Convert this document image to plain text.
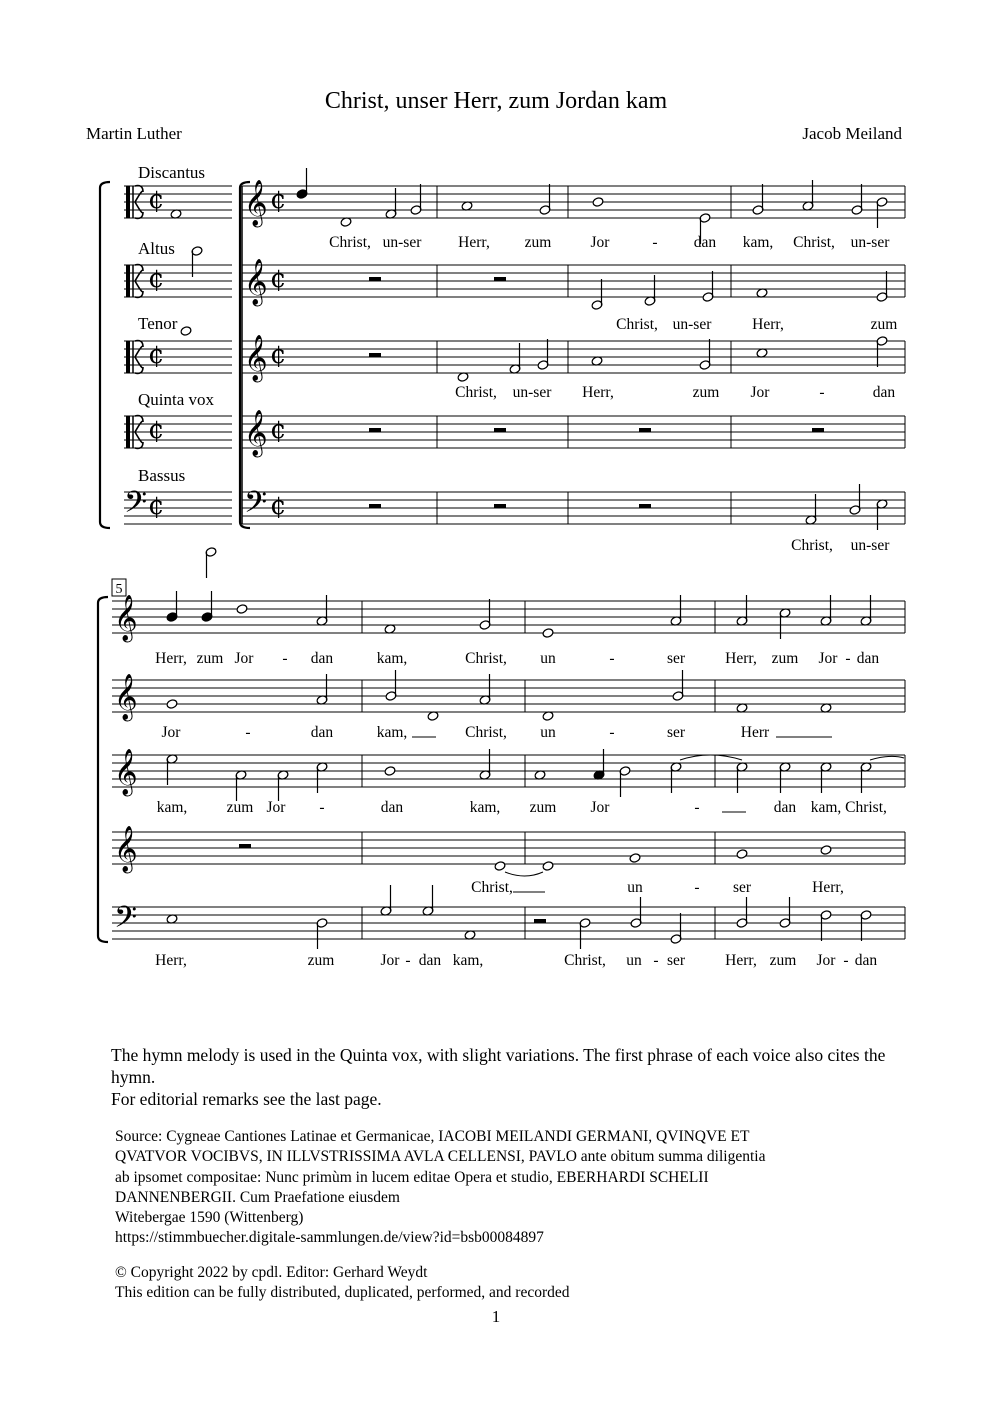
Christ, unser Herr, zum Jordan kam
Martin Luther	Jacob Meiland
Discantus
¢ 𝄞 ¢
Altus
¢ 𝄞 ¢
Tenor
¢ 𝄞 ¢
Quinta vox
¢ 𝄞 ¢
Bassus
𝄢 ¢ 𝄢 ¢
Christ, un-ser Herr, zum	Jor	- dan kam, Christ, un-ser
Christ, un-ser	Herr,	zum
Christ, un-ser Herr,	zum Jor	-	dan
Christ, un-ser
𝄞
𝄞
𝄞
𝄞
𝄢
5
Herr, zum Jor - dan	kam,	Christ, un	-	ser	Herr, zum Jor - dan
Jor	-	dan	kam,	Christ, un	-	ser	Herr
kam,	zum Jor -	dan	kam, zum Jor	-	dan kam, Christ,
Christ,	un	- ser	Herr,
Herr,	zum	Jor - dan kam,	Christ, un - ser	Herr, zum Jor - dan

The hymn melody is used in the Quinta vox, with slight variations. The first phrase of each voice also cites the hymn.

For editorial remarks see the last page.

Source: Cygneae Cantiones Latinae et Germanicae, IACOBI MEILANDI GERMANI, QVINQVE ET

QVATVOR VOCIBVS, IN ILLVSTRISSIMA AVLA CELLENSI, PAVLO ante obitum summa diligentia

ab ipsomet compositae: Nunc primùm in lucem editae Opera et studio, EBERHARDI SCHELII

DANNENBERGII. Cum Praefatione eiusdem

Witebergae 1590 (Wittenberg)

https://stimmbuecher.digitale-sammlungen.de/view?id=bsb00084897

© Copyright 2022 by cpdl. Editor: Gerhard Weydt

This edition can be fully distributed, duplicated, performed, and recorded

1
